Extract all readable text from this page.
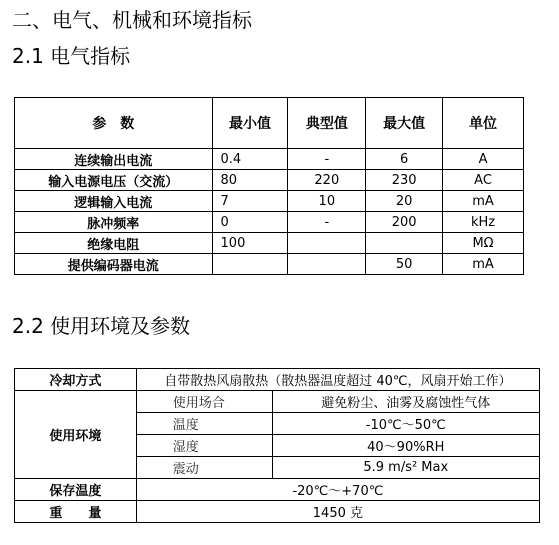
二、电气、机械和环境指标
2.1 电气指标
参　数	最小值	典型值	最大值	单位
连续输出电流	0.4	-	6	A
输入电源电压（交流）	80	220	230	AC
逻辑输入电流	7	10	20	mA
脉冲频率	0	-	200	kHz
绝缘电阻	100			MΩ
提供编码器电流			50	mA
2.2 使用环境及参数
冷却方式	自带散热风扇散热（散热器温度超过 40℃，风扇开始工作）	
使用环境	使用场合	避免粉尘、油雾及腐蚀性气体
	温度	-10℃～50℃
	湿度	40～90%RH
	震动	5.9 m/s² Max
保存温度	-20℃～+70℃	
重　　量	1450 克	
